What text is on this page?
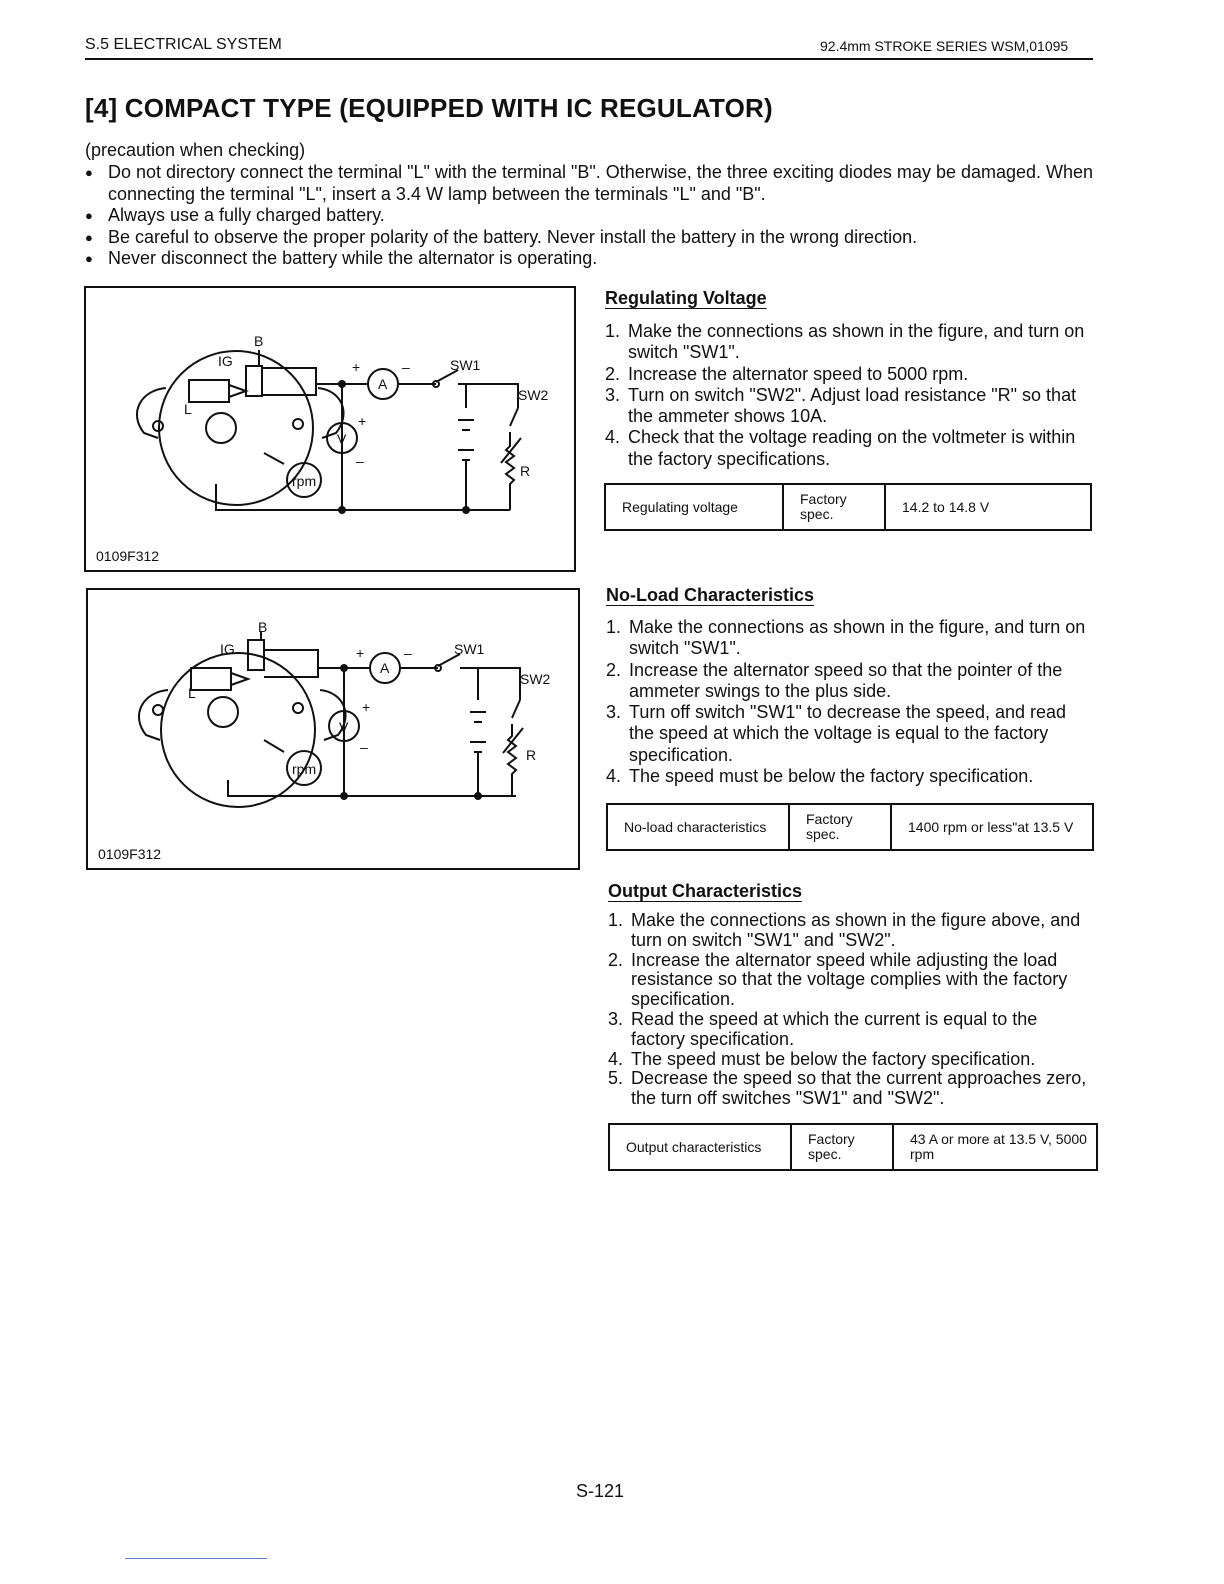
S.5 ELECTRICAL SYSTEM	92.4mm STROKE SERIES WSM,01095
[4] COMPACT TYPE (EQUIPPED WITH IC REGULATOR)
(precaution when checking)
● Do not directory connect the terminal "L" with the terminal "B". Otherwise, the three exciting diodes may be damaged. When connecting the terminal "L", insert a 3.4 W lamp between the terminals "L" and "B".
● Always use a fully charged battery.
● Be careful to observe the proper polarity of the battery. Never install the battery in the wrong direction.
● Never disconnect the battery while the alternator is operating.
B
IG
L
A
+	–
V
+
–
rpm
SW1
SW2
R
0109F312
B
IG
L
A
+	–
V
+
–
rpm
SW1
SW2
R
0109F312
Regulating Voltage
1. Make the connections as shown in the figure, and turn on switch "SW1".
2. Increase the alternator speed to 5000 rpm.
3. Turn on switch "SW2". Adjust load resistance "R" so that the ammeter shows 10A.
4. Check that the voltage reading on the voltmeter is within the factory specifications.
Regulating voltage	Factory spec.	14.2 to 14.8 V
No-Load Characteristics
1. Make the connections as shown in the figure, and turn on switch "SW1".
2. Increase the alternator speed so that the pointer of the ammeter swings to the plus side.
3. Turn off switch "SW1" to decrease the speed, and read the speed at which the voltage is equal to the factory specification.
4. The speed must be below the factory specification.
No-load characteristics	Factory spec.	1400 rpm or less"at 13.5 V
Output Characteristics
1. Make the connections as shown in the figure above, and turn on switch "SW1" and "SW2".
2. Increase the alternator speed while adjusting the load resistance so that the voltage complies with the factory specification.
3. Read the speed at which the current is equal to the factory specification.
4. The speed must be below the factory specification.
5. Decrease the speed so that the current approaches zero, the turn off switches "SW1" and "SW2".
Output characteristics	Factory spec.	43 A or more at 13.5 V, 5000 rpm
S-121
